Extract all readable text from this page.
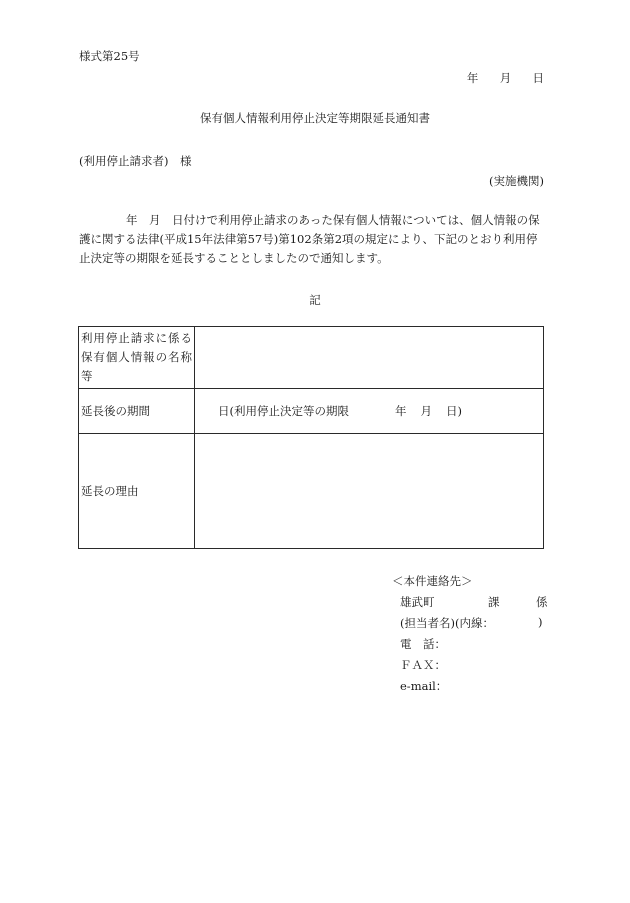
様式第25号
年 月 日
保有個人情報利用停止決定等期限延長通知書
(利用停止請求者)　様
(実施機関)
年　月　日付けで利用停止請求のあった保有個人情報については、個人情報の保護に関する法律(平成15年法律第57号)第102条第2項の規定により、下記のとおり利用停止決定等の期限を延長することとしましたので通知します。
記
利用停止請求に係る保有個人情報の名称等	

延長後の期間	日(利用停止決定等の期限 年 月 日)

延長の理由	

＜本件連絡先＞
雄武町	課	係
(担当者名)(内線：	)
電　話：
ＦＡＸ：
e-mail：
